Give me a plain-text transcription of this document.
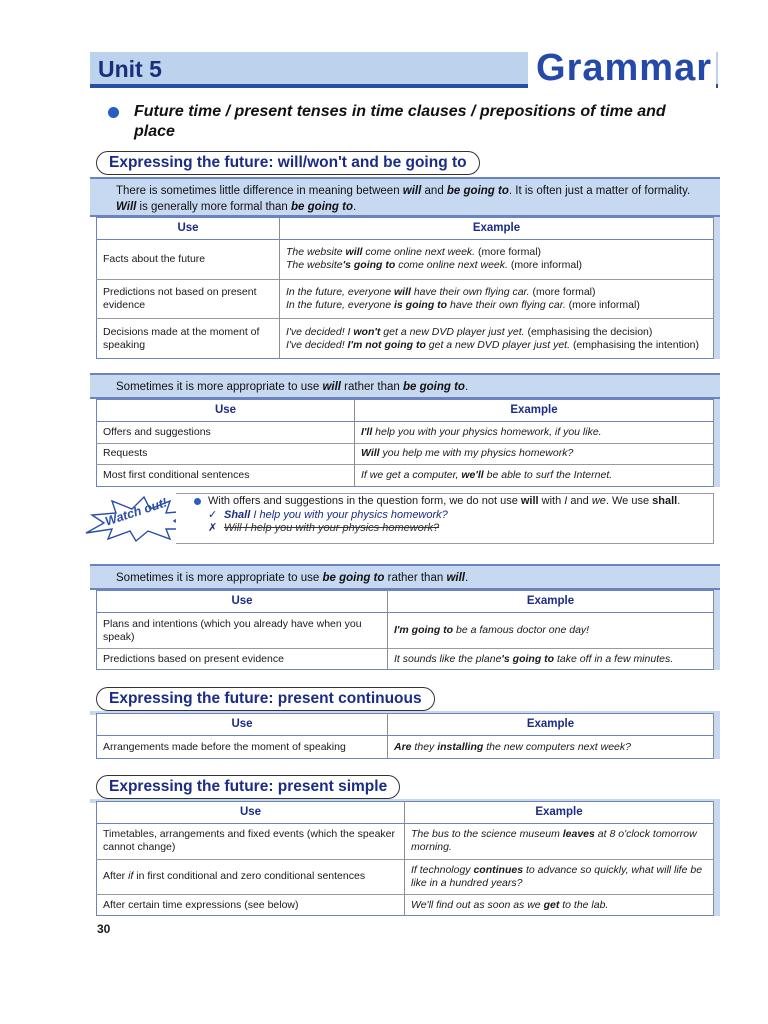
Unit 5	Grammar
Future time / present tenses in time clauses / prepositions of time and place
Expressing the future: will/won't and be going to
There is sometimes little difference in meaning between will and be going to. It is often just a matter of formality. Will is generally more formal than be going to.
Use	Example
Facts about the future	The website will come online next week. (more formal)
The website's going to come online next week. (more informal)
Predictions not based on present evidence	In the future, everyone will have their own flying car. (more formal)
In the future, everyone is going to have their own flying car. (more informal)
Decisions made at the moment of speaking	I've decided! I won't get a new DVD player just yet. (emphasising the decision)
I've decided! I'm not going to get a new DVD player just yet. (emphasising the intention)
Sometimes it is more appropriate to use will rather than be going to.
Use	Example
Offers and suggestions	I'll help you with your physics homework, if you like.
Requests	Will you help me with my physics homework?
Most first conditional sentences	If we get a computer, we'll be able to surf the Internet.
Watch out!	With offers and suggestions in the question form, we do not use will with I and we. We use shall.
✓ Shall I help you with your physics homework?
✗ Will I help you with your physics homework?
Sometimes it is more appropriate to use be going to rather than will.
Use	Example
Plans and intentions (which you already have when you speak)	I'm going to be a famous doctor one day!
Predictions based on present evidence	It sounds like the plane's going to take off in a few minutes.
Expressing the future: present continuous
Use	Example
Arrangements made before the moment of speaking	Are they installing the new computers next week?
Expressing the future: present simple
Use	Example
Timetables, arrangements and fixed events (which the speaker cannot change)	The bus to the science museum leaves at 8 o'clock tomorrow morning.
After if in first conditional and zero conditional sentences	If technology continues to advance so quickly, what will life be like in a hundred years?
After certain time expressions (see below)	We'll find out as soon as we get to the lab.
30
